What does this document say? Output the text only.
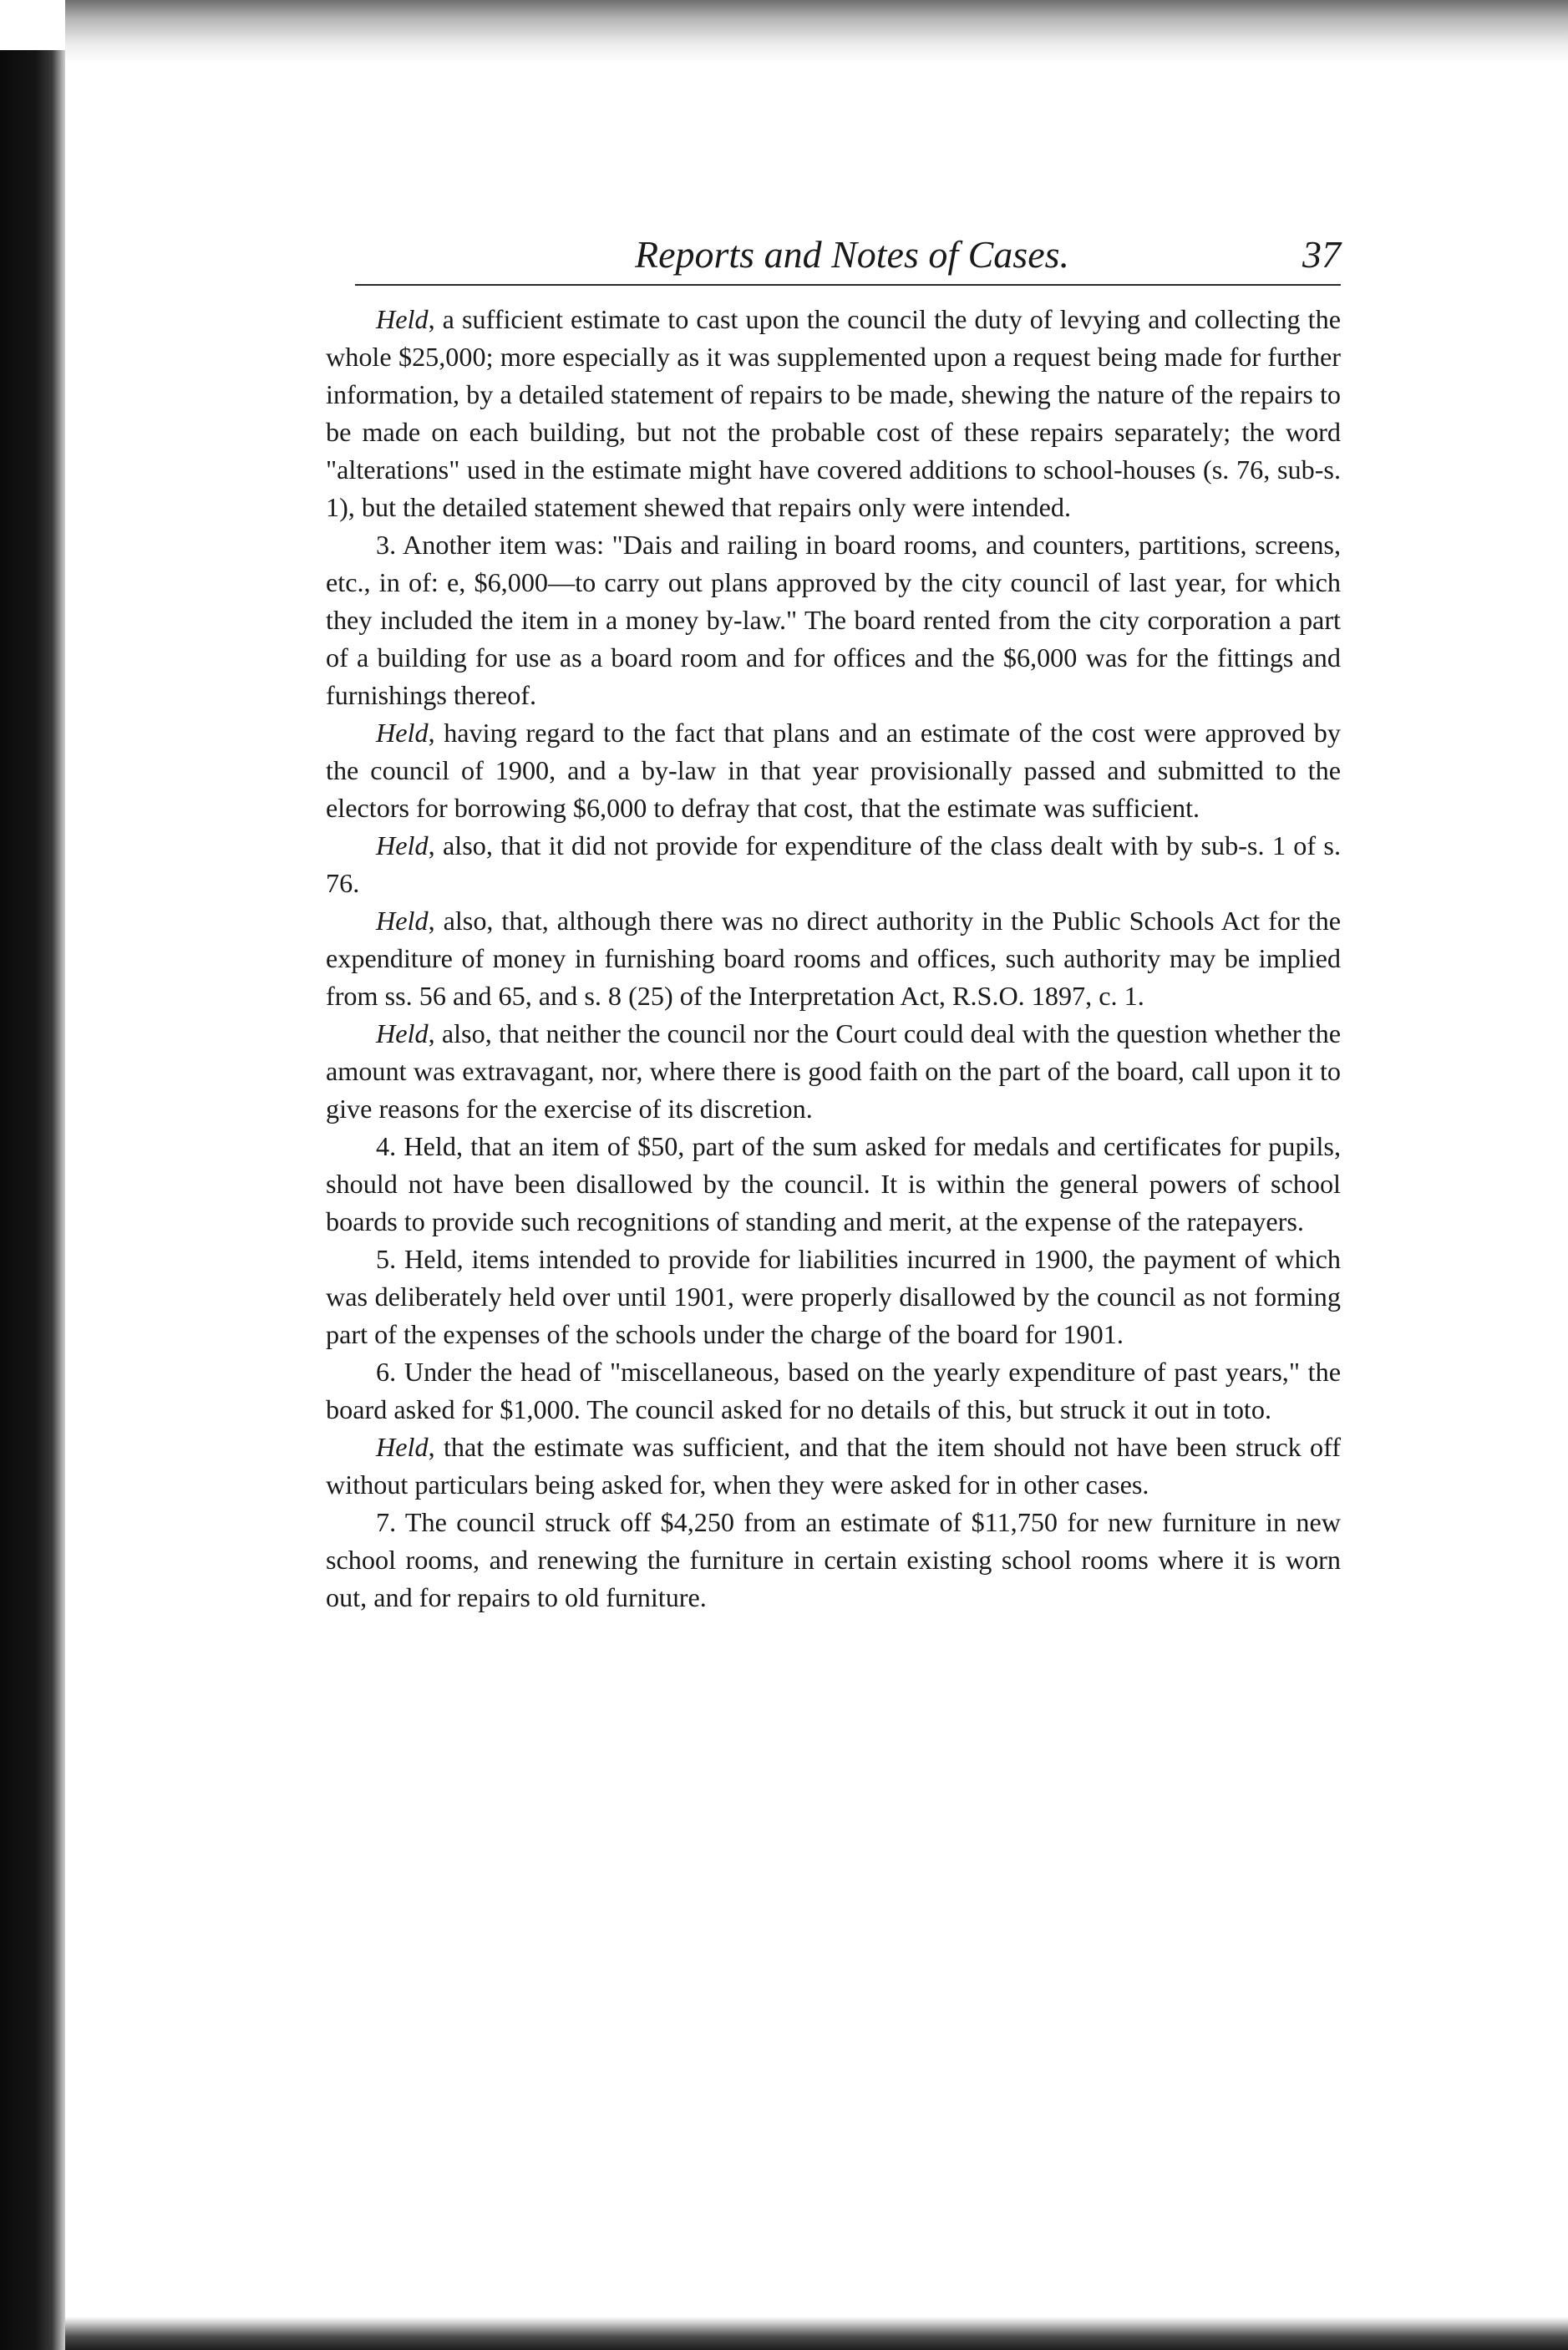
Reports and Notes of Cases.	37

Held, a sufficient estimate to cast upon the council the duty of levying and collecting the whole $25,000; more especially as it was supplemented upon a request being made for further information, by a detailed statement of repairs to be made, shewing the nature of the repairs to be made on each building, but not the probable cost of these repairs separately; the word "alterations" used in the estimate might have covered additions to school-houses (s. 76, sub-s. 1), but the detailed statement shewed that repairs only were intended.

3. Another item was: "Dais and railing in board rooms, and counters, partitions, screens, etc., in of: e, $6,000—to carry out plans approved by the city council of last year, for which they included the item in a money by-law." The board rented from the city corporation a part of a building for use as a board room and for offices and the $6,000 was for the fittings and furnishings thereof.

Held, having regard to the fact that plans and an estimate of the cost were approved by the council of 1900, and a by-law in that year provisionally passed and submitted to the electors for borrowing $6,000 to defray that cost, that the estimate was sufficient.

Held, also, that it did not provide for expenditure of the class dealt with by sub-s. 1 of s. 76.

Held, also, that, although there was no direct authority in the Public Schools Act for the expenditure of money in furnishing board rooms and offices, such authority may be implied from ss. 56 and 65, and s. 8 (25) of the Interpretation Act, R.S.O. 1897, c. 1.

Held, also, that neither the council nor the Court could deal with the question whether the amount was extravagant, nor, where there is good faith on the part of the board, call upon it to give reasons for the exercise of its discretion.

4. Held, that an item of $50, part of the sum asked for medals and certificates for pupils, should not have been disallowed by the council. It is within the general powers of school boards to provide such recognitions of standing and merit, at the expense of the ratepayers.

5. Held, items intended to provide for liabilities incurred in 1900, the payment of which was deliberately held over until 1901, were properly disallowed by the council as not forming part of the expenses of the schools under the charge of the board for 1901.

6. Under the head of "miscellaneous, based on the yearly expenditure of past years," the board asked for $1,000. The council asked for no details of this, but struck it out in toto.

Held, that the estimate was sufficient, and that the item should not have been struck off without particulars being asked for, when they were asked for in other cases.

7. The council struck off $4,250 from an estimate of $11,750 for new furniture in new school rooms, and renewing the furniture in certain existing school rooms where it is worn out, and for repairs to old furniture.
